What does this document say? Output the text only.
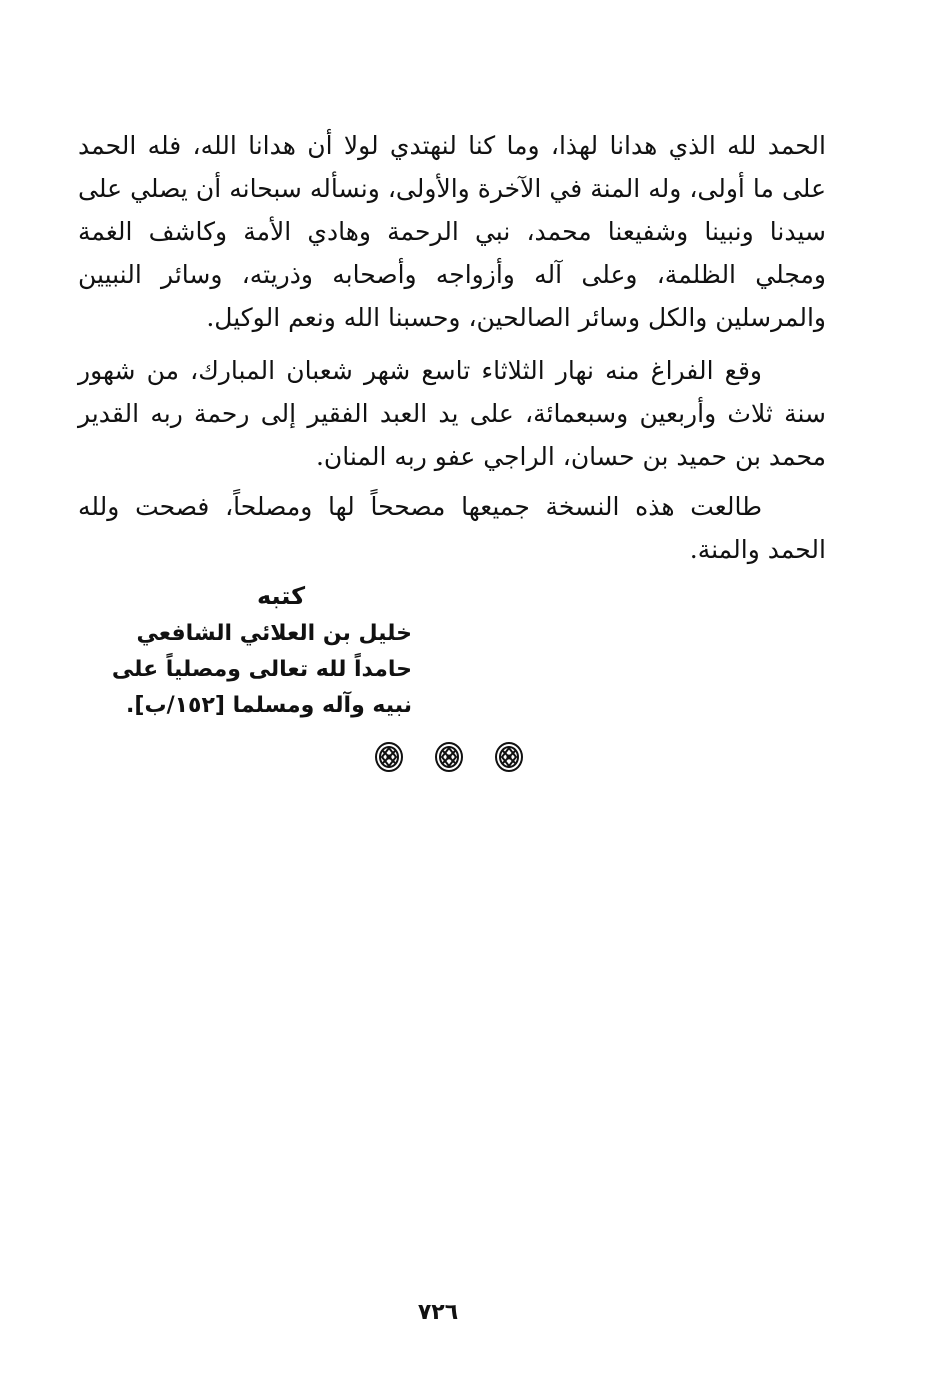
الحمد لله الذي هدانا لهذا، وما كنا لنهتدي لولا أن هدانا الله، فله الحمد على ما أولى، وله المنة في الآخرة والأولى، ونسأله سبحانه أن يصلي على سيدنا ونبينا وشفيعنا محمد، نبي الرحمة وهادي الأمة وكاشف الغمة ومجلي الظلمة، وعلى آله وأزواجه وأصحابه وذريته، وسائر النبيين والمرسلين والكل وسائر الصالحين، وحسبنا الله ونعم الوكيل.

وقع الفراغ منه نهار الثلاثاء تاسع شهر شعبان المبارك، من شهور سنة ثلاث وأربعين وسبعمائة، على يد العبد الفقير إلى رحمة ربه القدير محمد بن حميد بن حسان، الراجي عفو ربه المنان.

طالعت هذه النسخة جميعها مصححاً لها ومصلحاً، فصحت ولله الحمد والمنة.

كتبه
خليل بن العلائي الشافعي
حامداً لله تعالى ومصلياً على
نبيه وآله ومسلما [١٥٢/ب].
٧٢٦
